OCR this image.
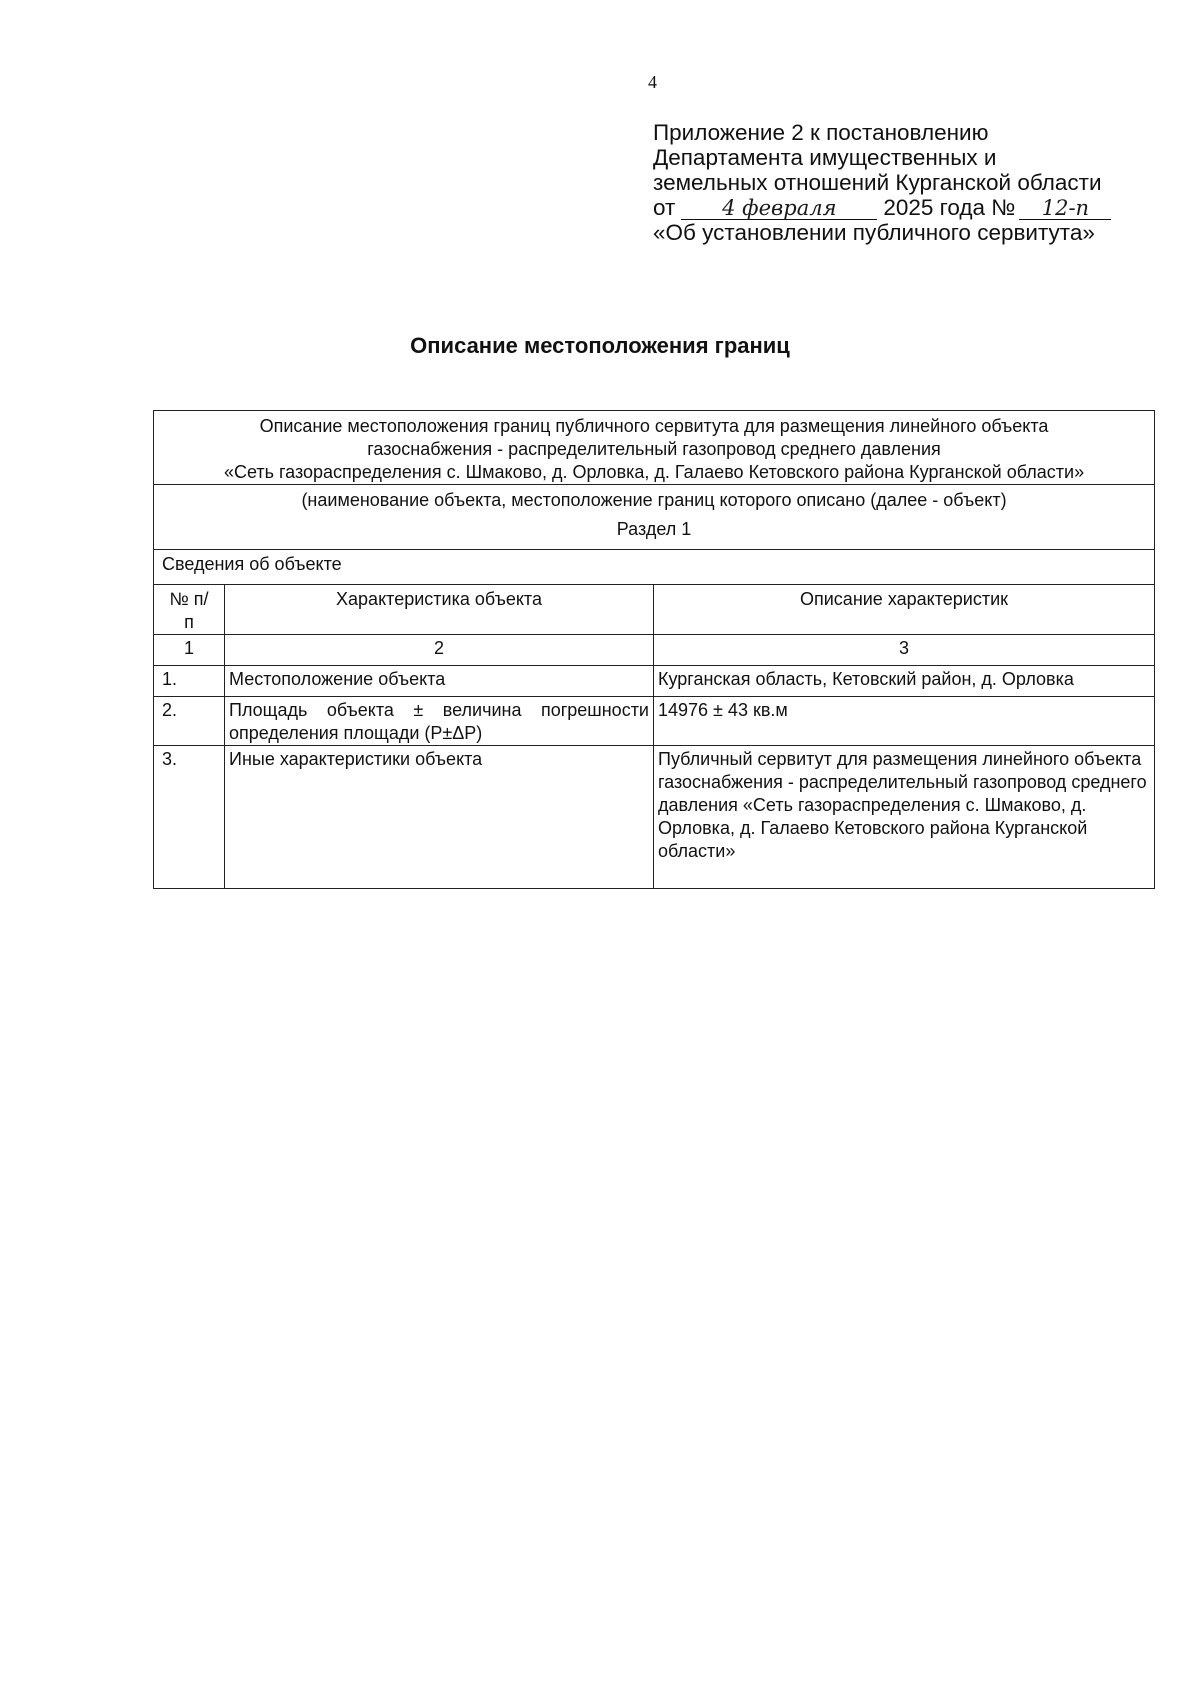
4
Приложение 2 к постановлению
Департамента имущественных и
земельных отношений Курганской области
от 4 февраля 2025 года № 12-п
«Об установлении публичного сервитута»
Описание местоположения границ
Описание местоположения границ публичного сервитута для размещения линейного объекта
газоснабжения - распределительный газопровод среднего давления
«Сеть газораспределения с. Шмаково, д. Орловка, д. Галаево Кетовского района Курганской области»		

(наименование объекта, местоположение границ которого описано (далее - объект)
Раздел 1		

Сведения об объекте		
№ п/п	Характеристика объекта	Описание характеристик
1	2	3
1.	Местоположение объекта	Курганская область, Кетовский район, д. Орловка
2.	Площадь объекта ± величина погрешности определения площади (Р±ΔР)	14976 ± 43 кв.м
3.	Иные характеристики объекта	Публичный сервитут для размещения линейного объекта газоснабжения - распределительный газопровод среднего давления «Сеть газораспределения с. Шмаково, д. Орловка, д. Галаево Кетовского района Курганской области»
